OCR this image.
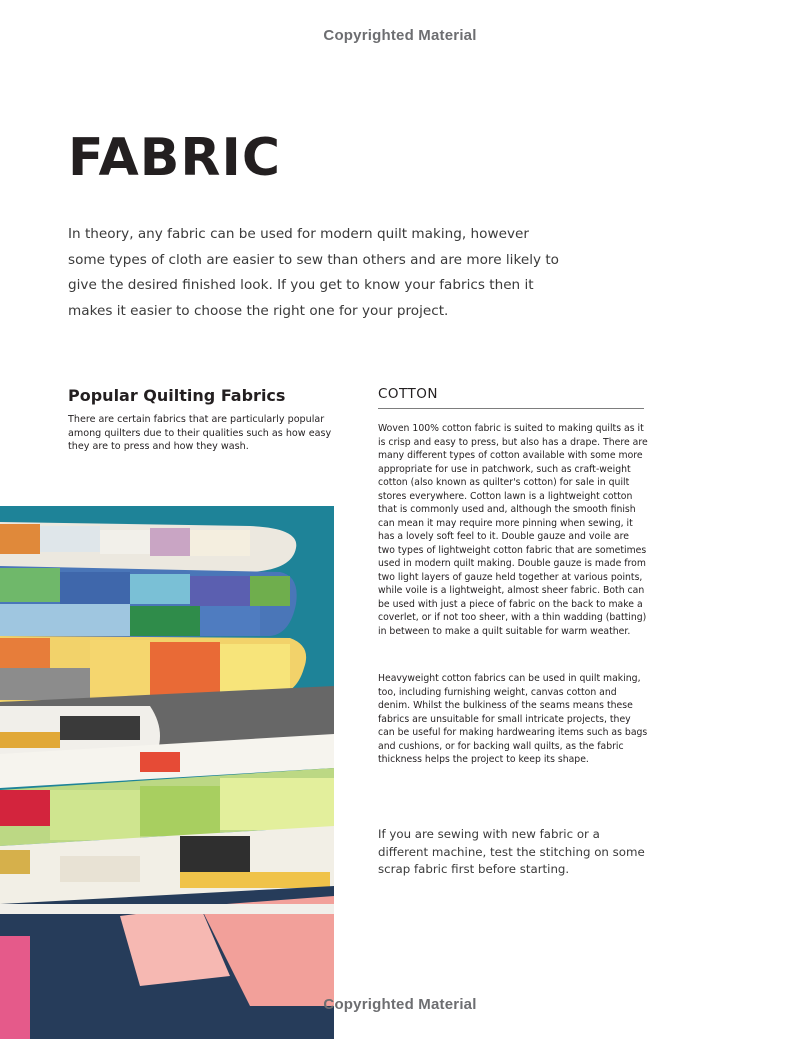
Copyrighted Material
FABRIC

In theory, any fabric can be used for modern quilt making, however some types of cloth are easier to sew than others and are more likely to give the desired finished look. If you get to know your fabrics then it makes it easier to choose the right one for your project.

Popular Quilting Fabrics

There are certain fabrics that are particularly popular among quilters due to their qualities such as how easy they are to press and how they wash.

COTTON

Woven 100% cotton fabric is suited to making quilts as it is crisp and easy to press, but also has a drape. There are many different types of cotton available with some more appropriate for use in patchwork, such as craft-weight cotton (also known as quilter's cotton) for sale in quilt stores everywhere. Cotton lawn is a lightweight cotton that is commonly used and, although the smooth finish can mean it may require more pinning when sewing, it has a lovely soft feel to it. Double gauze and voile are two types of lightweight cotton fabric that are sometimes used in modern quilt making. Double gauze is made from two light layers of gauze held together at various points, while voile is a lightweight, almost sheer fabric. Both can be used with just a piece of fabric on the back to make a coverlet, or if not too sheer, with a thin wadding (batting) in between to make a quilt suitable for warm weather.

Heavyweight cotton fabrics can be used in quilt making, too, including furnishing weight, canvas cotton and denim. Whilst the bulkiness of the seams means these fabrics are unsuitable for small intricate projects, they can be useful for making hardwearing items such as bags and cushions, or for backing wall quilts, as the fabric thickness helps the project to keep its shape.

If you are sewing with new fabric or a different machine, test the stitching on some scrap fabric first before starting.

Copyrighted Material
